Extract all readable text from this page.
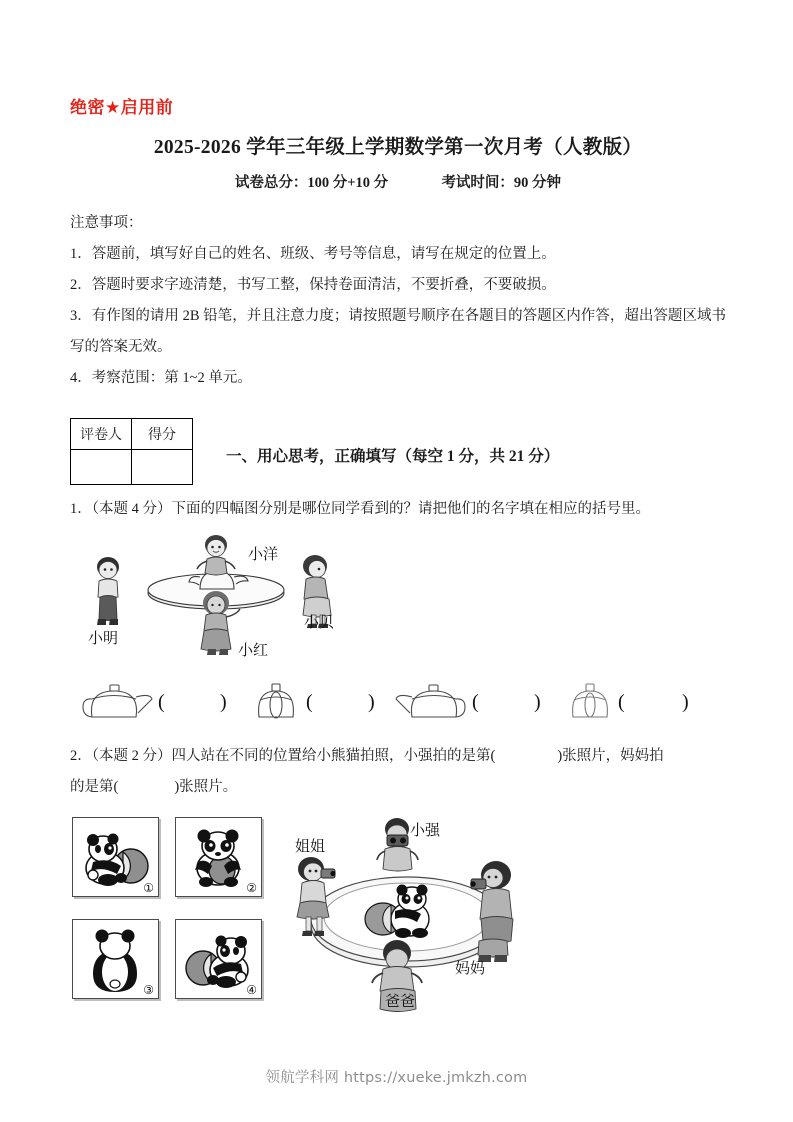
绝密★启用前
2025-2026 学年三年级上学期数学第一次月考（人教版）
试卷总分：100 分+10 分	考试时间：90 分钟
注意事项：
1．答题前，填写好自己的姓名、班级、考号等信息，请写在规定的位置上。
2．答题时要求字迹清楚，书写工整，保持卷面清洁，不要折叠，不要破损。
3．有作图的请用 2B 铅笔，并且注意力度；请按照题号顺序在各题目的答题区内作答，超出答题区域书写的答案无效。
4．考察范围：第 1~2 单元。
评卷人	得分

一、用心思考，正确填写（每空 1 分，共 21 分）
1．（本题 4 分）下面的四幅图分别是哪位同学看到的？请把他们的名字填在相应的括号里。
小洋
小明
小贝
小红
(	)	(	)	(	)	(	)
2．（本题 2 分）四人站在不同的位置给小熊猫拍照，小强拍的是第(	)张照片，妈妈拍
的是第(	)张照片。
①	②
③	④
小强
姐姐
妈妈
爸爸
领航学科网 https://xueke.jmkzh.com
